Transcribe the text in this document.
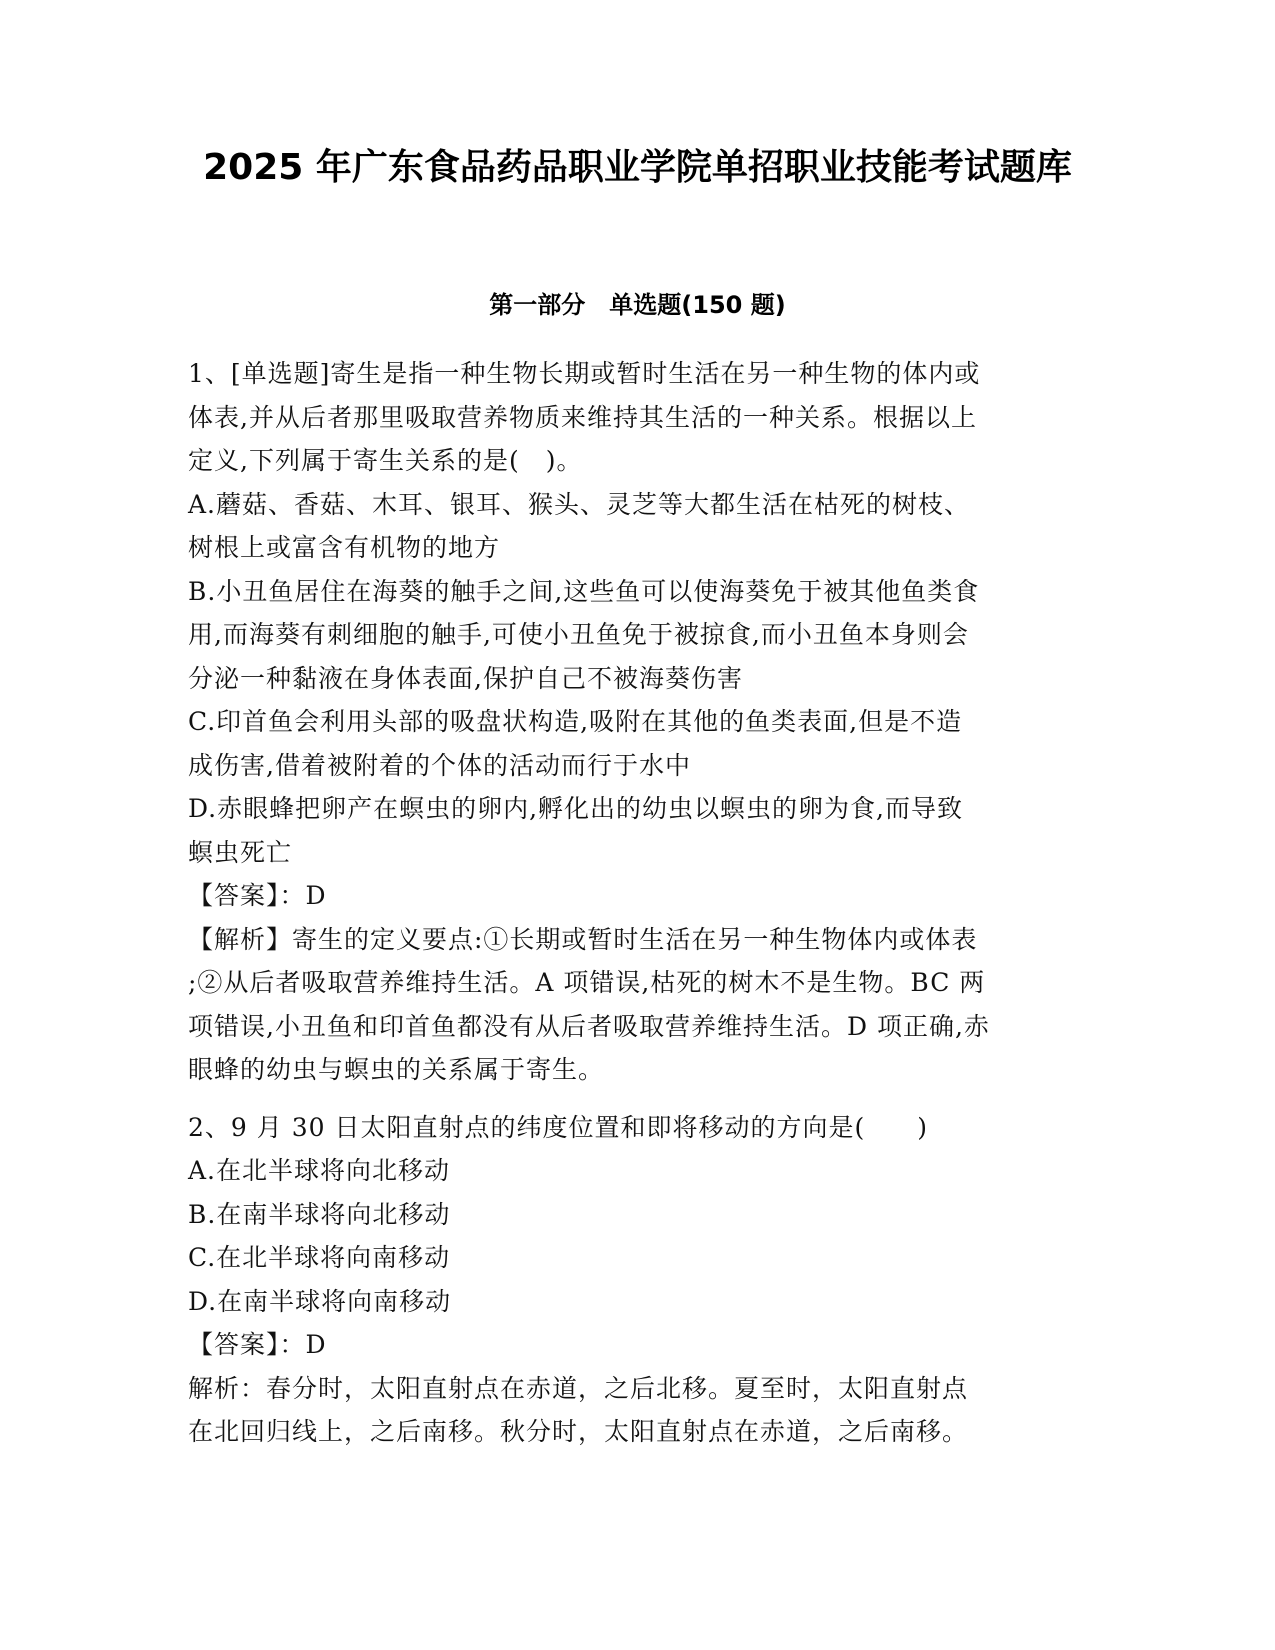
2025 年广东食品药品职业学院单招职业技能考试题库
第一部分　单选题(150 题)

1、[单选题]寄生是指一种生物长期或暂时生活在另一种生物的体内或

体表,并从后者那里吸取营养物质来维持其生活的一种关系。根据以上

定义,下列属于寄生关系的是(　)。

A.蘑菇、香菇、木耳、银耳、猴头、灵芝等大都生活在枯死的树枝、

树根上或富含有机物的地方

B.小丑鱼居住在海葵的触手之间,这些鱼可以使海葵免于被其他鱼类食

用,而海葵有刺细胞的触手,可使小丑鱼免于被掠食,而小丑鱼本身则会

分泌一种黏液在身体表面,保护自己不被海葵伤害

C.印首鱼会利用头部的吸盘状构造,吸附在其他的鱼类表面,但是不造

成伤害,借着被附着的个体的活动而行于水中

D.赤眼蜂把卵产在螟虫的卵内,孵化出的幼虫以螟虫的卵为食,而导致

螟虫死亡

【答案】：D

【解析】寄生的定义要点:①长期或暂时生活在另一种生物体内或体表

;②从后者吸取营养维持生活。A 项错误,枯死的树木不是生物。BC 两

项错误,小丑鱼和印首鱼都没有从后者吸取营养维持生活。D 项正确,赤

眼蜂的幼虫与螟虫的关系属于寄生。

2、9 月 30 日太阳直射点的纬度位置和即将移动的方向是(　　)

A.在北半球将向北移动

B.在南半球将向北移动

C.在北半球将向南移动

D.在南半球将向南移动

【答案】：D

解析：春分时，太阳直射点在赤道，之后北移。夏至时，太阳直射点

在北回归线上，之后南移。秋分时，太阳直射点在赤道，之后南移。
